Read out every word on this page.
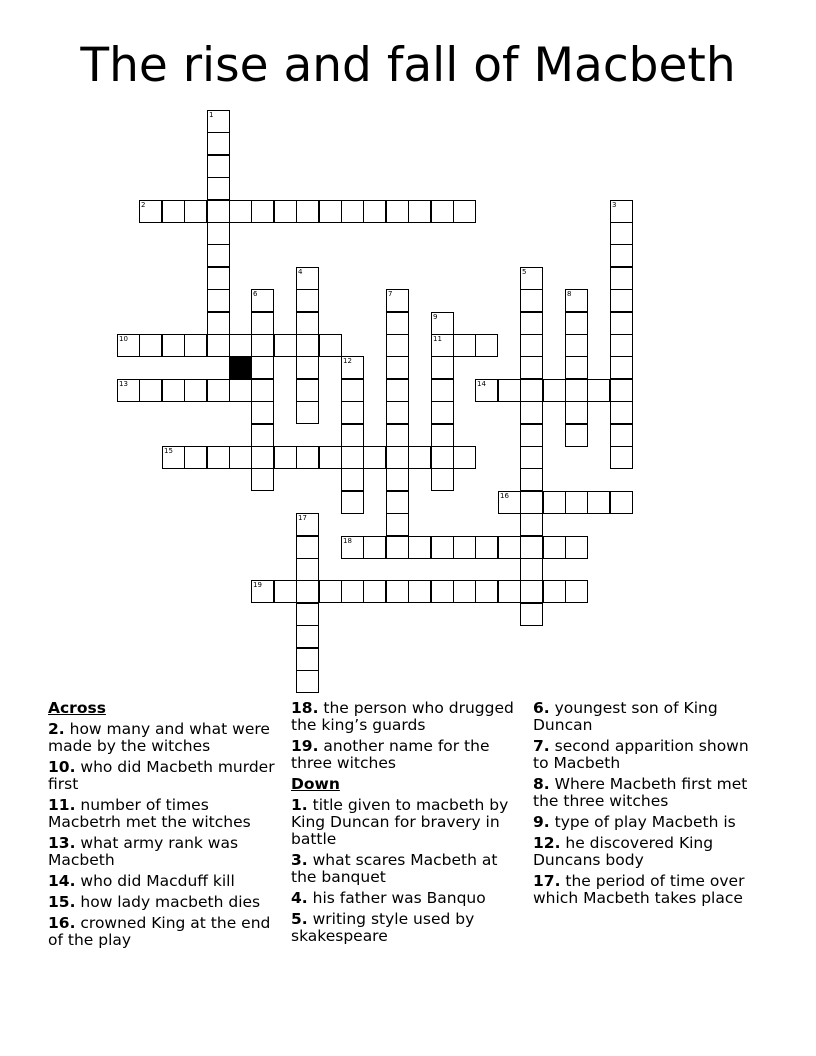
The rise and fall of Macbeth
1
2	3
4	5
6	7	8
9
11
10
12
13	14
15
16
17
18
19
Across
2. how many and what were made by the witches
10. who did Macbeth murder first
11. number of times Macbetrh met the witches
13. what army rank was Macbeth
14. who did Macduff kill
15. how lady macbeth dies
16. crowned King at the end of the play
18. the person who drugged the king’s guards
19. another name for the three witches
Down
1. title given to macbeth by King Duncan for bravery in battle
3. what scares Macbeth at the banquet
4. his father was Banquo
5. writing style used by skakespeare
6. youngest son of King Duncan
7. second apparition shown to Macbeth
8. Where Macbeth first met the three witches
9. type of play Macbeth is
12. he discovered King Duncans body
17. the period of time over which Macbeth takes place
